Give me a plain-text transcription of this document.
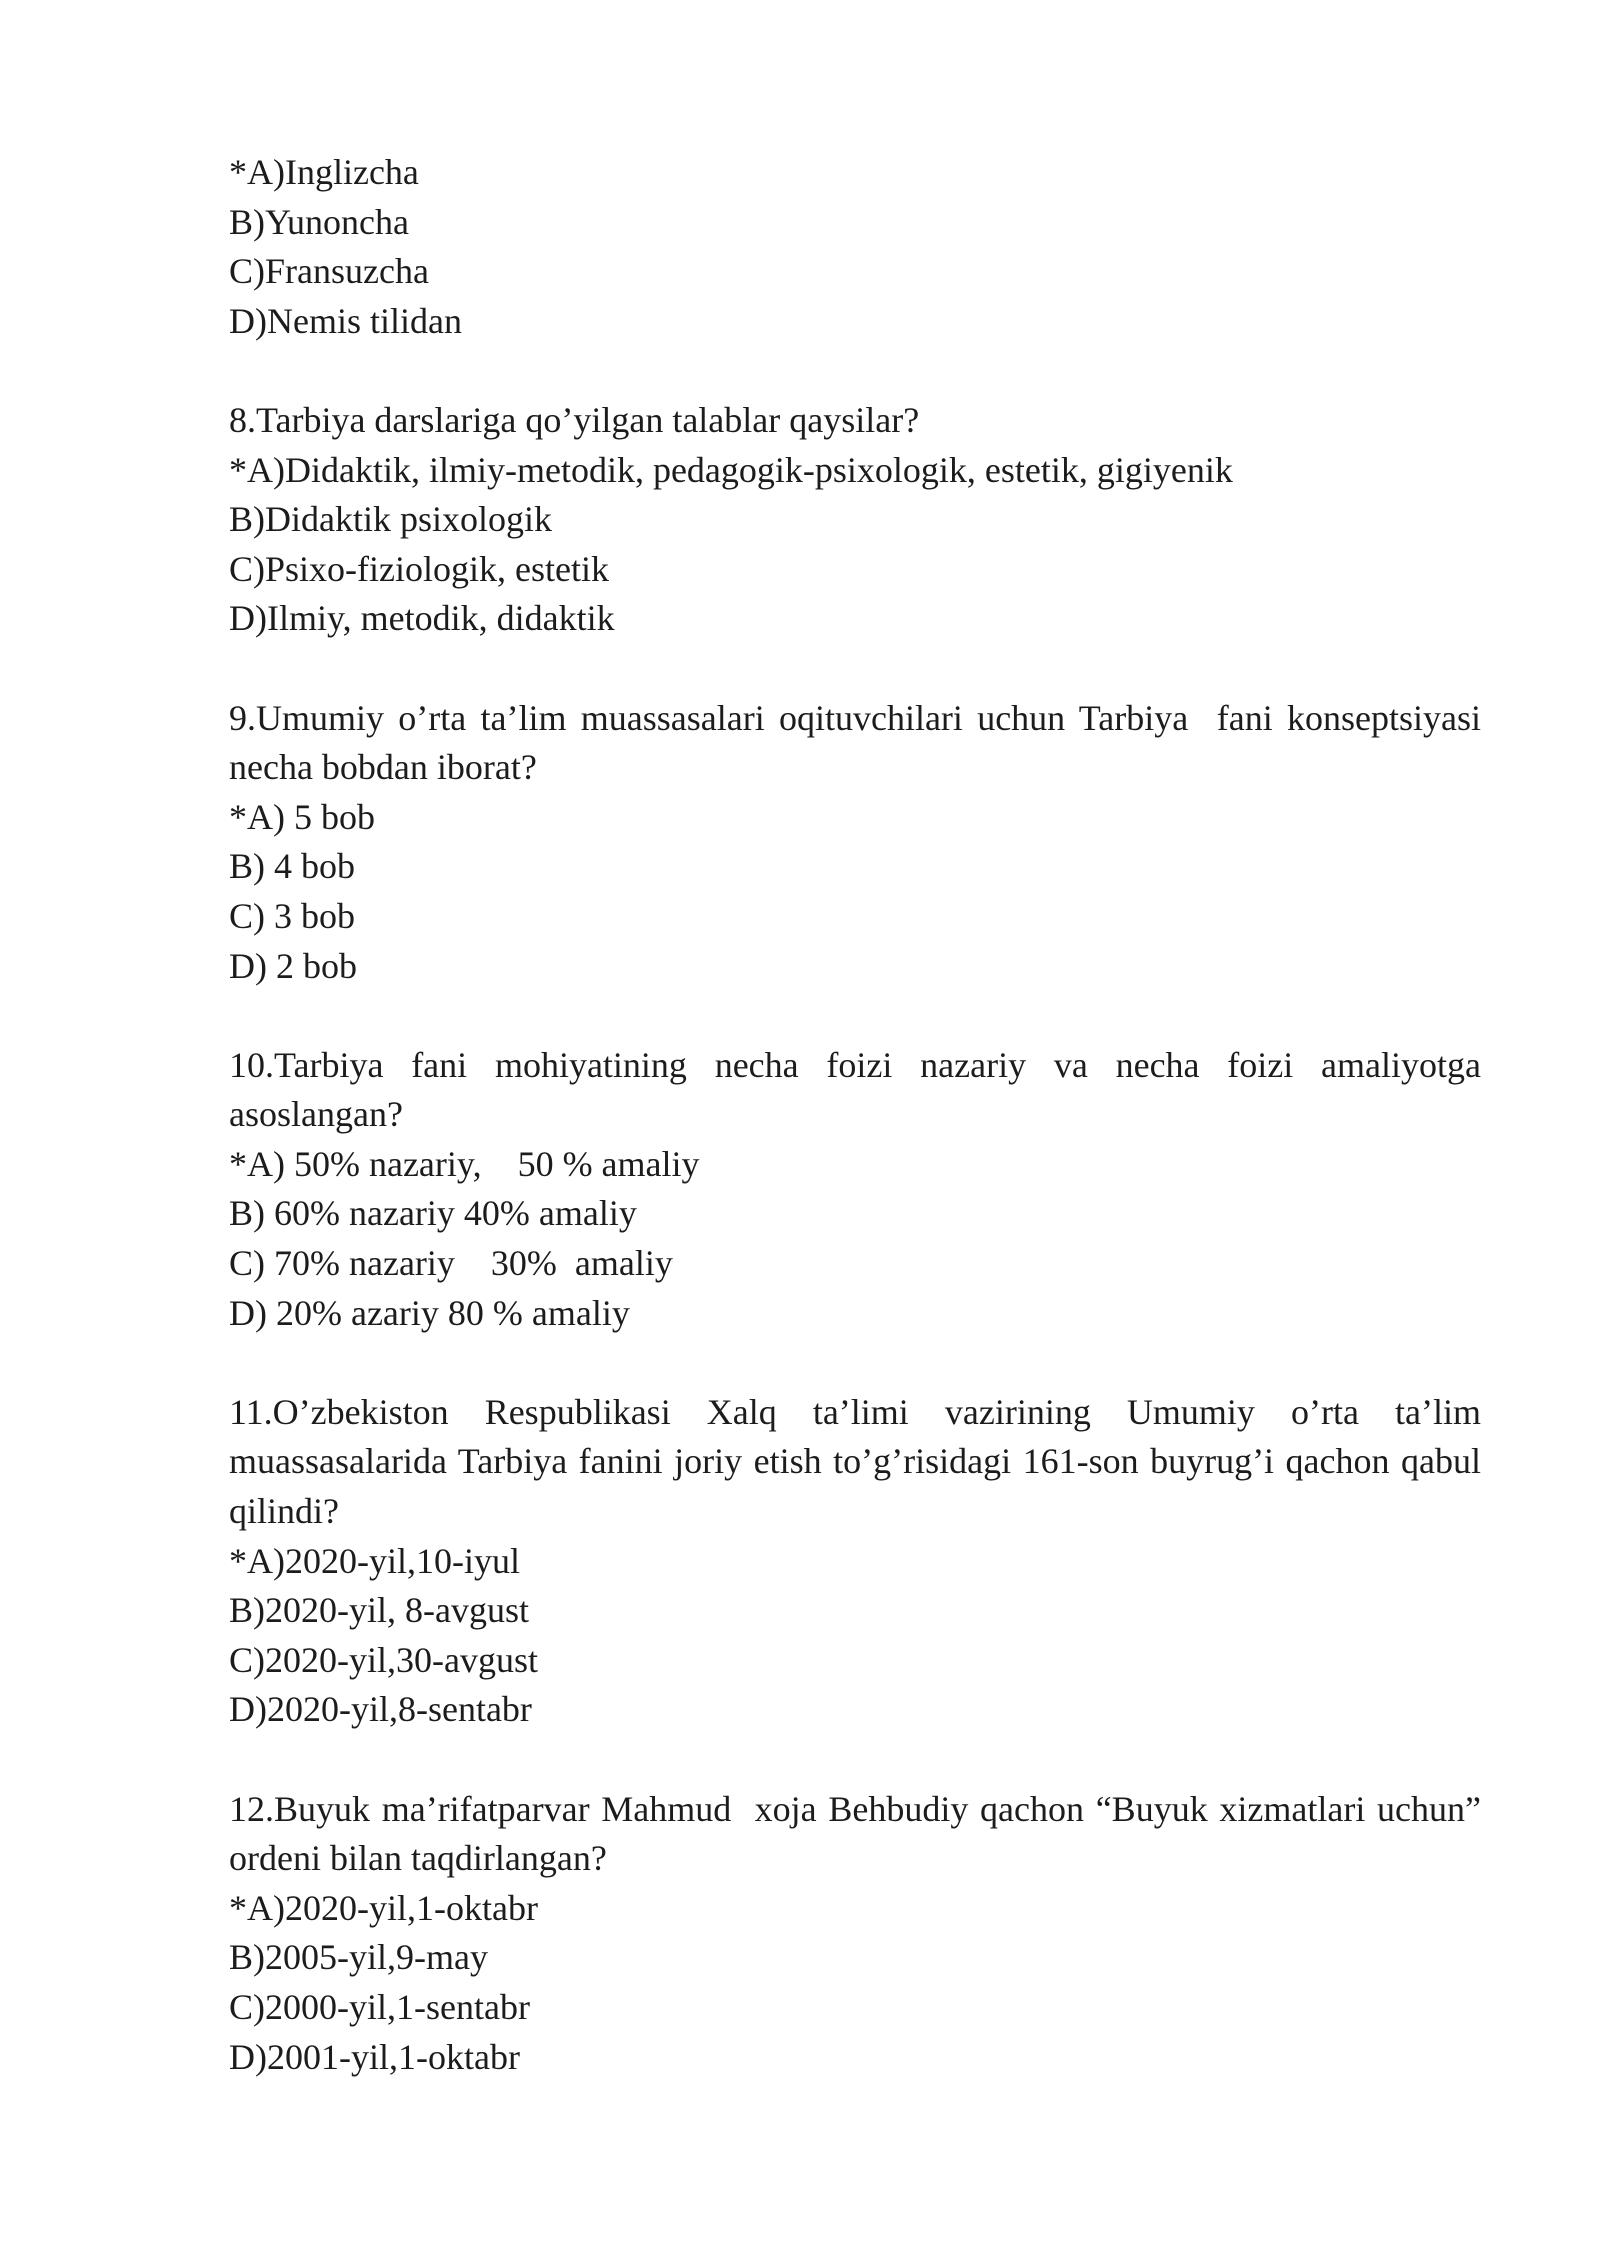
*A)Inglizcha

B)Yunoncha

C)Fransuzcha

D)Nemis tilidan

8.Tarbiya darslariga qo’yilgan talablar qaysilar?

*A)Didaktik, ilmiy-metodik, pedagogik-psixologik, estetik, gigiyenik

B)Didaktik psixologik

C)Psixo-fiziologik, estetik

D)Ilmiy, metodik, didaktik

9.Umumiy o’rta ta’lim muassasalari oqituvchilari uchun Tarbiya  fani konseptsiyasi necha bobdan iborat?

*A) 5 bob

B) 4 bob

C) 3 bob

D) 2 bob

10.Tarbiya fani mohiyatining necha foizi nazariy va necha foizi amaliyotga asoslangan?

*A) 50% nazariy,    50 % amaliy

B) 60% nazariy 40% amaliy

C) 70% nazariy    30%  amaliy

D) 20% azariy 80 % amaliy

11.O’zbekiston  Respublikasi  Xalq  ta’limi  vazirining  Umumiy  o’rta  ta’lim muassasalarida Tarbiya fanini joriy etish to’g’risidagi 161-son buyrug’i qachon qabul qilindi?

*A)2020-yil,10-iyul

B)2020-yil, 8-avgust

C)2020-yil,30-avgust

D)2020-yil,8-sentabr

12.Buyuk ma’rifatparvar Mahmud  xoja Behbudiy qachon “Buyuk xizmatlari uchun” ordeni bilan taqdirlangan?

*A)2020-yil,1-oktabr

B)2005-yil,9-may

C)2000-yil,1-sentabr

D)2001-yil,1-oktabr
